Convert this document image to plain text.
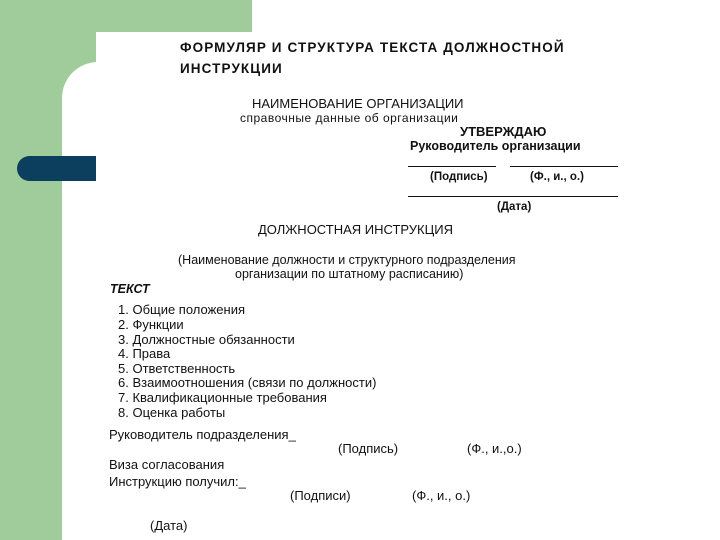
ФОРМУЛЯР И СТРУКТУРА ТЕКСТА ДОЛЖНОСТНОЙ
ИНСТРУКЦИИ
НАИМЕНОВАНИЕ ОРГАНИЗАЦИИ
справочные данные об организации
УТВЕРЖДАЮ
Руководитель организации
(Подпись)	(Ф., и., о.)
(Дата)
ДОЛЖНОСТНАЯ ИНСТРУКЦИЯ
(Наименование должности и структурного подразделения
организации по штатному расписанию)
ТЕКСТ
1. Общие положения
2. Функции
3. Должностные обязанности
4. Права
5. Ответственность
6. Взаимоотношения (связи по должности)
7. Квалификационные требования
8. Оценка работы
Руководитель подразделения_
(Подпись)	(Ф., и.,о.)
Виза согласования
Инструкцию получил:_
(Подписи)	(Ф., и., о.)
(Дата)
